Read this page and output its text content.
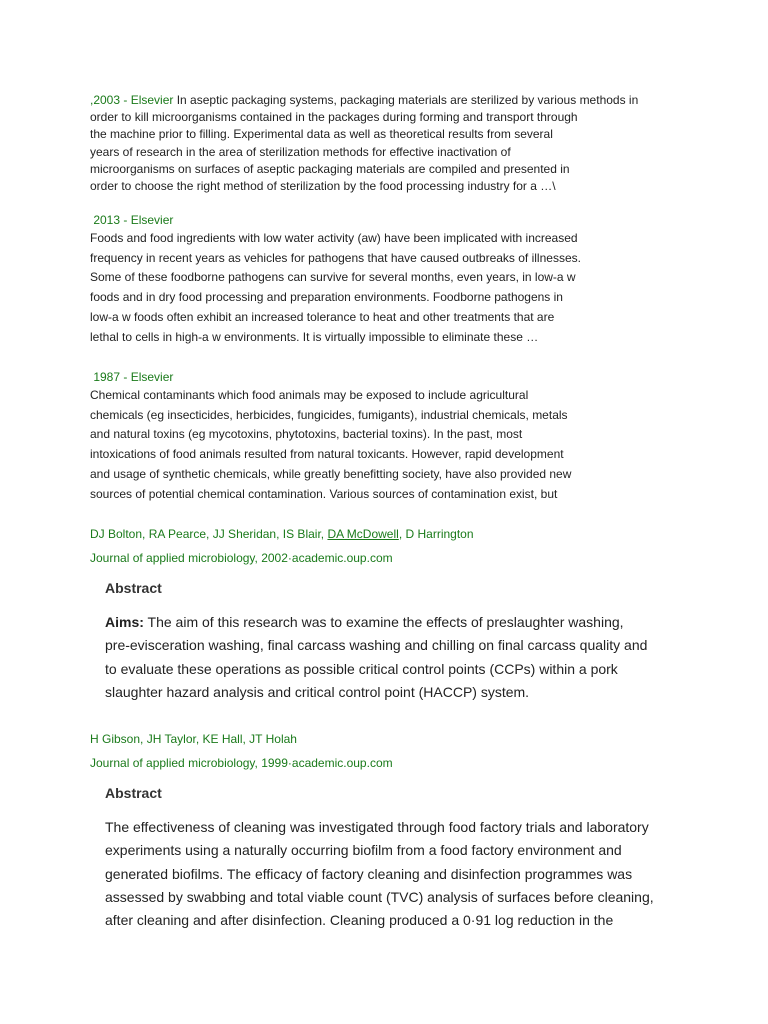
,2003 - Elsevier In aseptic packaging systems, packaging materials are sterilized by various methods in
order to kill microorganisms contained in the packages during forming and transport through
the machine prior to filling. Experimental data as well as theoretical results from several
years of research in the area of sterilization methods for effective inactivation of
microorganisms on surfaces of aseptic packaging materials are compiled and presented in
order to choose the right method of sterilization by the food processing industry for a …\
2013 - Elsevier
Foods and food ingredients with low water activity (aw) have been implicated with increased
frequency in recent years as vehicles for pathogens that have caused outbreaks of illnesses.
Some of these foodborne pathogens can survive for several months, even years, in low-a w
foods and in dry food processing and preparation environments. Foodborne pathogens in
low-a w foods often exhibit an increased tolerance to heat and other treatments that are
lethal to cells in high-a w environments. It is virtually impossible to eliminate these …
1987 - Elsevier
Chemical contaminants which food animals may be exposed to include agricultural
chemicals (eg insecticides, herbicides, fungicides, fumigants), industrial chemicals, metals
and natural toxins (eg mycotoxins, phytotoxins, bacterial toxins). In the past, most
intoxications of food animals resulted from natural toxicants. However, rapid development
and usage of synthetic chemicals, while greatly benefitting society, have also provided new
sources of potential chemical contamination. Various sources of contamination exist, but
DJ Bolton, RA Pearce, JJ Sheridan, IS Blair, DA McDowell, D Harrington
Journal of applied microbiology, 2002·academic.oup.com
Abstract
Aims: The aim of this research was to examine the effects of preslaughter washing,
pre‐evisceration washing, final carcass washing and chilling on final carcass quality and
to evaluate these operations as possible critical control points (CCPs) within a pork
slaughter hazard analysis and critical control point (HACCP) system.
H Gibson, JH Taylor, KE Hall, JT Holah
Journal of applied microbiology, 1999·academic.oup.com
Abstract
The effectiveness of cleaning was investigated through food factory trials and laboratory
experiments using a naturally occurring biofilm from a food factory environment and
generated biofilms. The efficacy of factory cleaning and disinfection programmes was
assessed by swabbing and total viable count (TVC) analysis of surfaces before cleaning,
after cleaning and after disinfection. Cleaning produced a 0·91 log reduction in the
